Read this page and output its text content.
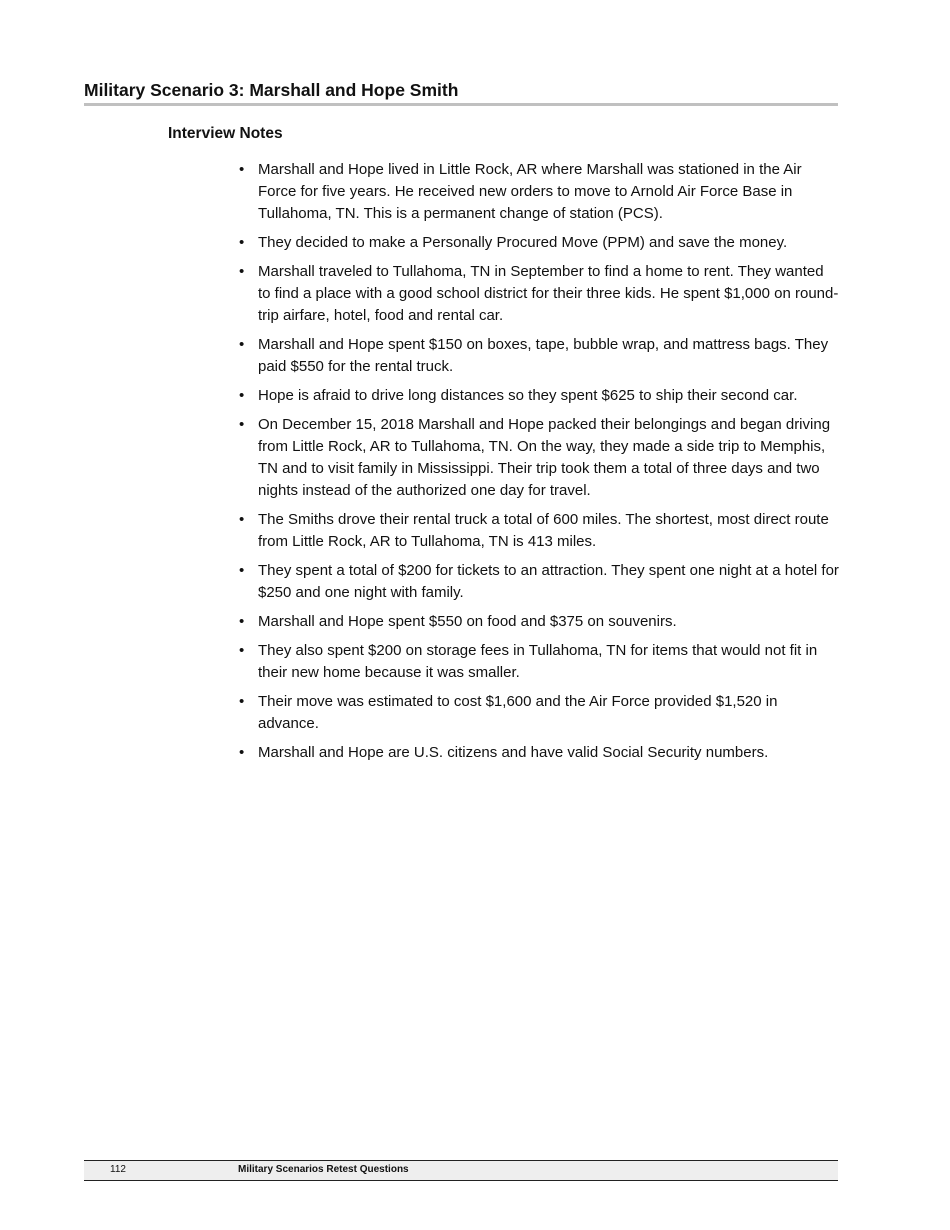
Military Scenario 3: Marshall and Hope Smith
Interview Notes
• Marshall and Hope lived in Little Rock, AR where Marshall was stationed in the Air Force for five years. He received new orders to move to Arnold Air Force Base in Tullahoma, TN. This is a permanent change of station (PCS).
• They decided to make a Personally Procured Move (PPM) and save the money.
• Marshall traveled to Tullahoma, TN in September to find a home to rent. They wanted to find a place with a good school district for their three kids. He spent $1,000 on round-trip airfare, hotel, food and rental car.
• Marshall and Hope spent $150 on boxes, tape, bubble wrap, and mattress bags. They paid $550 for the rental truck.
• Hope is afraid to drive long distances so they spent $625 to ship their second car.
• On December 15, 2018 Marshall and Hope packed their belongings and began driving from Little Rock, AR to Tullahoma, TN. On the way, they made a side trip to Memphis, TN and to visit family in Mississippi. Their trip took them a total of three days and two nights instead of the authorized one day for travel.
• The Smiths drove their rental truck a total of 600 miles. The shortest, most direct route from Little Rock, AR to Tullahoma, TN is 413 miles.
• They spent a total of $200 for tickets to an attraction. They spent one night at a hotel for $250 and one night with family.
• Marshall and Hope spent $550 on food and $375 on souvenirs.
• They also spent $200 on storage fees in Tullahoma, TN for items that would not fit in their new home because it was smaller.
• Their move was estimated to cost $1,600 and the Air Force provided $1,520 in advance.
• Marshall and Hope are U.S. citizens and have valid Social Security numbers.
112	Military Scenarios Retest Questions
